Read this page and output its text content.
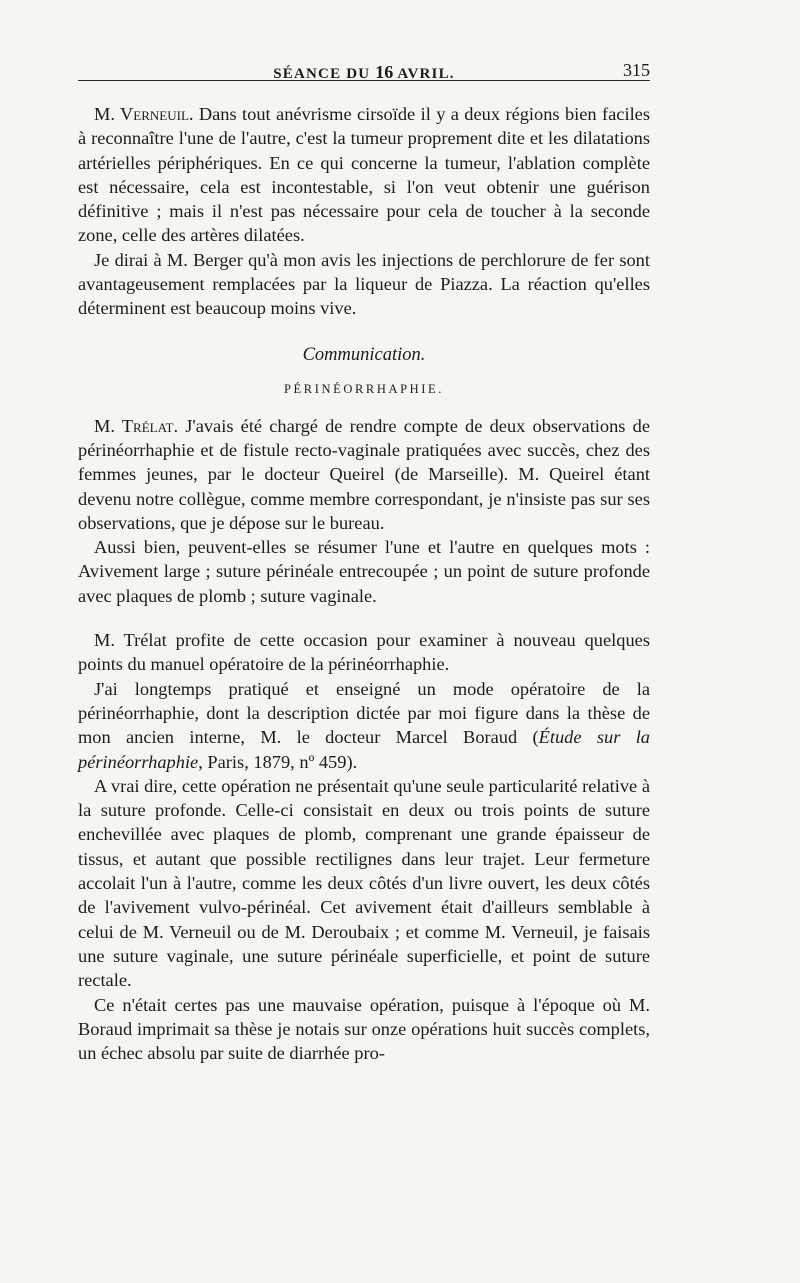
SÉANCE DU 16 AVRIL.	315

M. Verneuil. Dans tout anévrisme cirsoïde il y a deux régions bien faciles à reconnaître l'une de l'autre, c'est la tumeur proprement dite et les dilatations artérielles périphériques. En ce qui concerne la tumeur, l'ablation complète est nécessaire, cela est incontestable, si l'on veut obtenir une guérison définitive ; mais il n'est pas nécessaire pour cela de toucher à la seconde zone, celle des artères dilatées.

Je dirai à M. Berger qu'à mon avis les injections de perchlorure de fer sont avantageusement remplacées par la liqueur de Piazza. La réaction qu'elles déterminent est beaucoup moins vive.

Communication.
PÉRINÉORRHAPHIE.

M. Trélat. J'avais été chargé de rendre compte de deux observations de périnéorrhaphie et de fistule recto-vaginale pratiquées avec succès, chez des femmes jeunes, par le docteur Queirel (de Marseille). M. Queirel étant devenu notre collègue, comme membre correspondant, je n'insiste pas sur ses observations, que je dépose sur le bureau.

Aussi bien, peuvent-elles se résumer l'une et l'autre en quelques mots : Avivement large ; suture périnéale entrecoupée ; un point de suture profonde avec plaques de plomb ; suture vaginale.

M. Trélat profite de cette occasion pour examiner à nouveau quelques points du manuel opératoire de la périnéorrhaphie.

J'ai longtemps pratiqué et enseigné un mode opératoire de la périnéorrhaphie, dont la description dictée par moi figure dans la thèse de mon ancien interne, M. le docteur Marcel Boraud (Étude sur la périnéorrhaphie, Paris, 1879, nº 459).

A vrai dire, cette opération ne présentait qu'une seule particularité relative à la suture profonde. Celle-ci consistait en deux ou trois points de suture enchevillée avec plaques de plomb, comprenant une grande épaisseur de tissus, et autant que possible rectilignes dans leur trajet. Leur fermeture accolait l'un à l'autre, comme les deux côtés d'un livre ouvert, les deux côtés de l'avivement vulvo-périnéal. Cet avivement était d'ailleurs semblable à celui de M. Verneuil ou de M. Deroubaix ; et comme M. Verneuil, je faisais une suture vaginale, une suture périnéale superficielle, et point de suture rectale.

Ce n'était certes pas une mauvaise opération, puisque à l'époque où M. Boraud imprimait sa thèse je notais sur onze opérations huit succès complets, un échec absolu par suite de diarrhée pro-
